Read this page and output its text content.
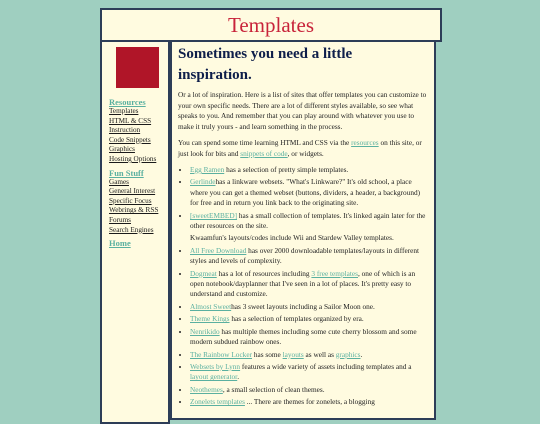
Templates
Resources
Templates
HTML & CSS Instruction
Code Snippets
Graphics
Hosting Options
Fun Stuff
Games
General Interest
Specific Focus
Webrings & RSS
Forums
Search Engines
Home
Sometimes you need a little inspiration.

Or a lot of inspiration. Here is a list of sites that offer templates you can customize to your own specific needs. There are a lot of different styles available, so see what speaks to you. And remember that you can play around with whatever you use to make it truly yours - and learn something in the process.

You can spend some time learning HTML and CSS via the resources on this site, or just look for bits and snippets of code, or widgets.

• Egg Ramen has a selection of pretty simple templates.
• Gerlindehas a linkware websets. "What's Linkware?" It's old school, a place where you can get a themed webset (buttons, dividers, a header, a background) for free and in return you link back to the originating site.
• [sweetEMBED] has a small collection of templates. It's linked again later for the other resources on the site.
Kwaamfun's layouts/codes include Wii and Stardew Valley templates.
• All Free Download has over 2000 downloadable templates/layouts in different styles and levels of complexity.
• Dogmeat has a lot of resources including 3 free templates, one of which is an open notebook/dayplanner that I've seen in a lot of places. It's pretty easy to understand and customize.
• Almost Sweethas 3 sweet layouts including a Sailor Moon one.
• Theme Kings has a selection of templates organized by era.
• Nenrikido has multiple themes including some cute cherry blossom and some modern subdued rainbow ones.
• The Rainbow Locker has some layouts as well as graphics.
• Websets by Lynn features a wide variety of assets including templates and a layout generator.
• Neothemes, a small selection of clean themes.
• Zonelets templates ... There are themes for zonelets, a blogging
